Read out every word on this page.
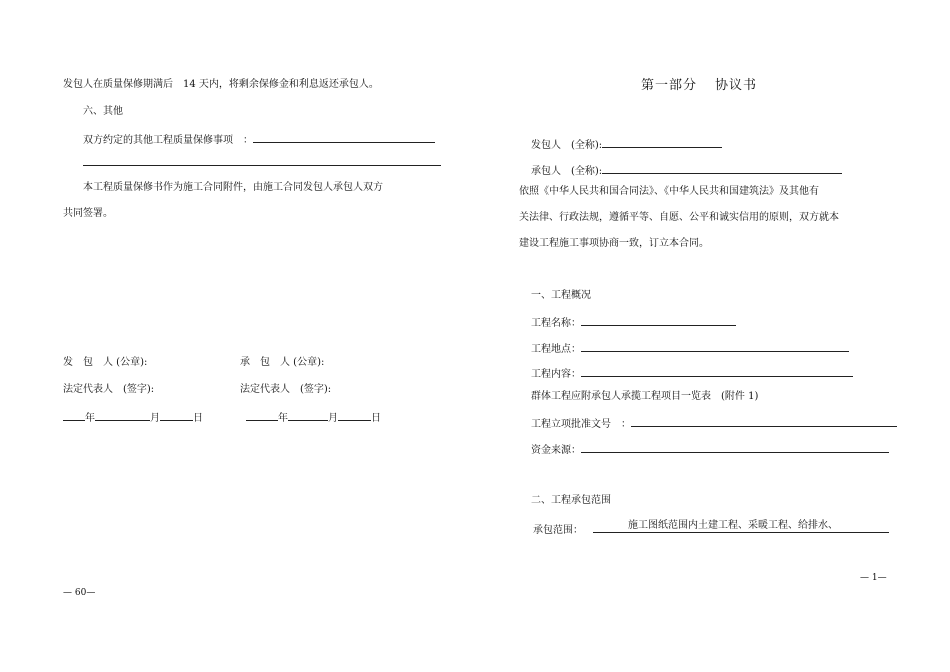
发包人在质量保修期满后　14 天内，将剩余保修金和利息返还承包人。
六、其他
双方约定的其他工程质量保修事项　：
本工程质量保修书作为施工合同附件，由施工合同发包人承包人双方
共同签署。
发　包　人 (公章):	承　包　人 (公章):
法定代表人　(签字):	法定代表人　(签字):
年	月	日	年	月	日
— 60—
第一部分 协议书
发包人　(全称):
承包人　(全称):
依照《中华人民共和国合同法》、《中华人民共和国建筑法》及其他有
关法律、行政法规，遵循平等、自愿、公平和诚实信用的原则，双方就本
建设工程施工事项协商一致，订立本合同。
一、工程概况
工程名称：
工程地点：
工程内容：
群体工程应附承包人承揽工程项目一览表　(附件 1)
工程立项批准文号　：
资金来源：
二、工程承包范围
承包范围：	施工图纸范围内土建工程、采暖工程、给排水、
— 1—
